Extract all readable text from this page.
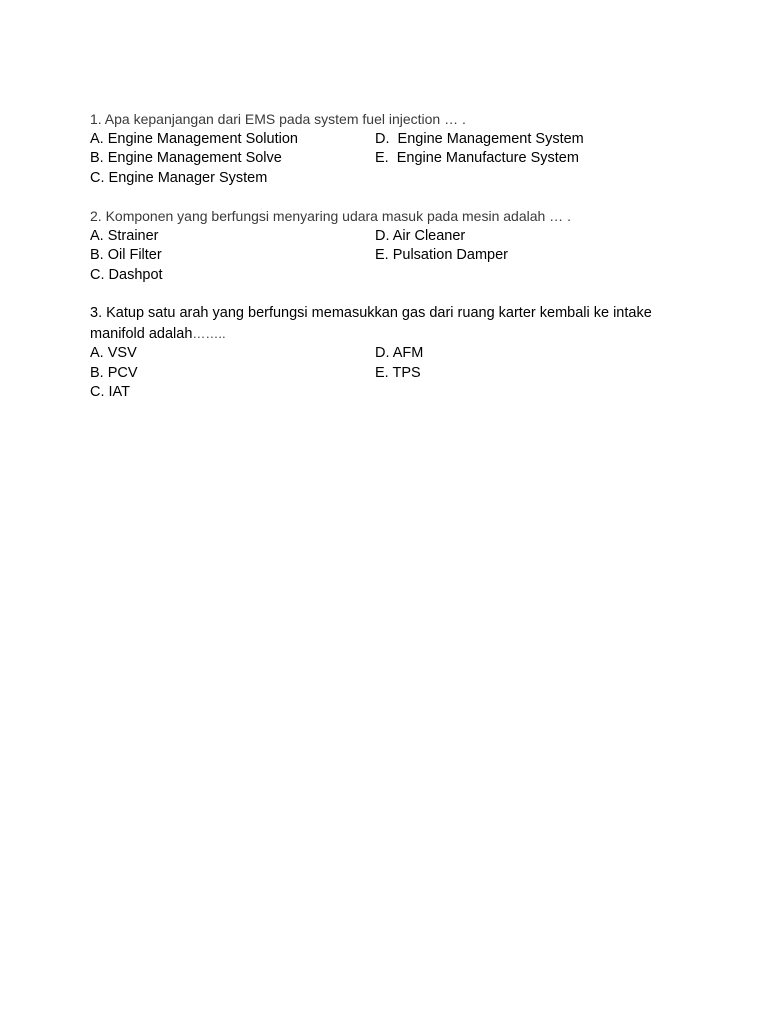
1. Apa kepanjangan dari EMS pada system fuel injection … .
A. Engine Management Solution	D.  Engine Management System
B. Engine Management Solve	E.  Engine Manufacture System
C. Engine Manager System
2. Komponen yang berfungsi menyaring udara masuk pada mesin adalah … .
A. Strainer	D. Air Cleaner
B. Oil Filter	E. Pulsation Damper
C. Dashpot
3. Katup satu arah yang berfungsi memasukkan gas dari ruang karter kembali ke intake
manifold adalah……..
A. VSV	D. AFM
B. PCV	E. TPS
C. IAT
